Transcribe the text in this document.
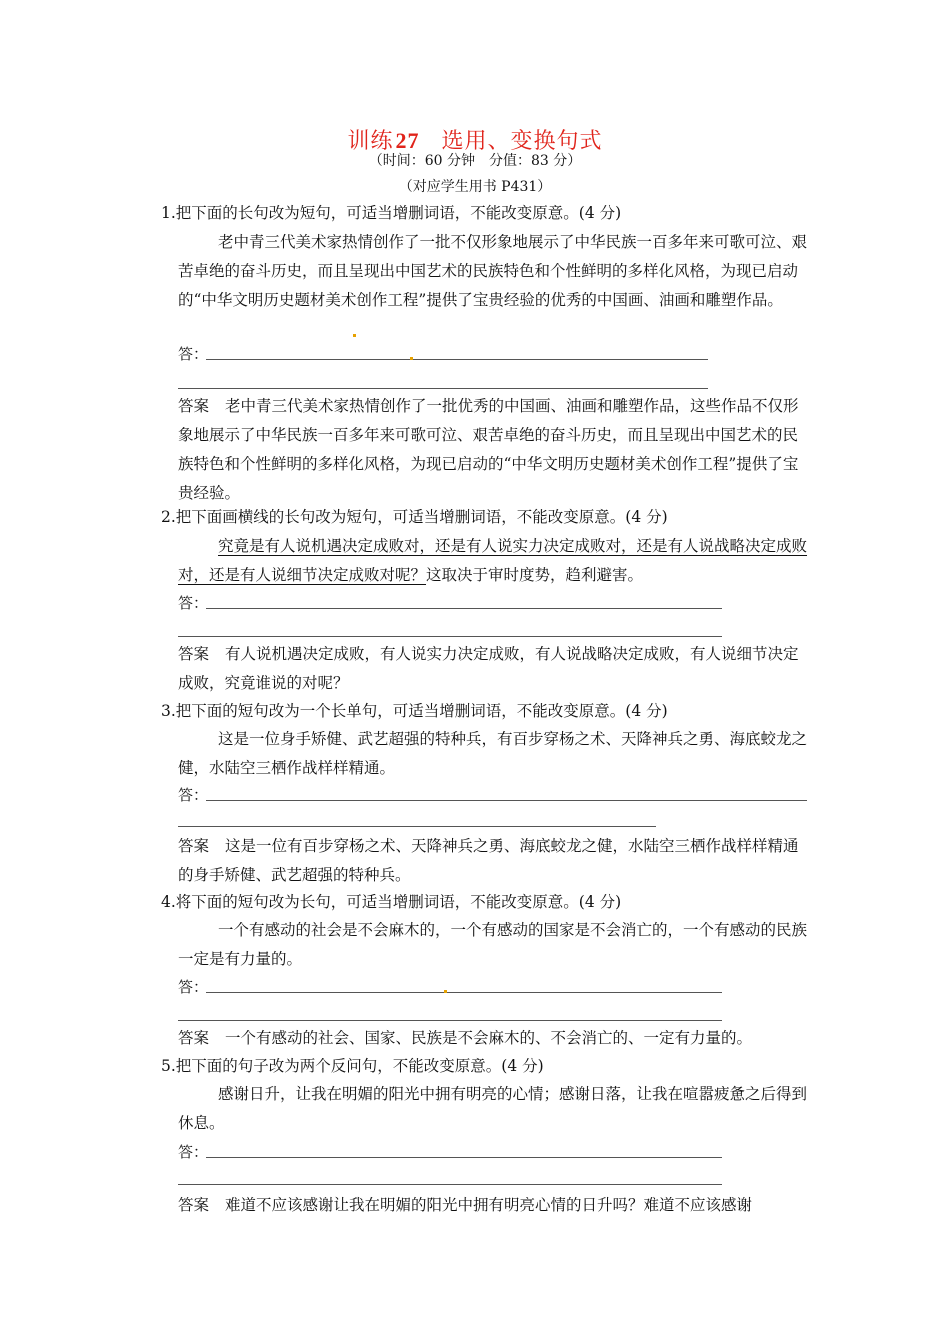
训练27 选用、变换句式
（时间：60 分钟　分值：83 分）
（对应学生用书 P431）
1.把下面的长句改为短句，可适当增删词语，不能改变原意。(4 分)
老中青三代美术家热情创作了一批不仅形象地展示了中华民族一百多年来可歌可泣、艰苦卓绝的奋斗历史，而且呈现出中国艺术的民族特色和个性鲜明的多样化风格，为现已启动的“中华文明历史题材美术创作工程”提供了宝贵经验的优秀的中国画、油画和雕塑作品。
答：
答案 老中青三代美术家热情创作了一批优秀的中国画、油画和雕塑作品，这些作品不仅形象地展示了中华民族一百多年来可歌可泣、艰苦卓绝的奋斗历史，而且呈现出中国艺术的民族特色和个性鲜明的多样化风格，为现已启动的“中华文明历史题材美术创作工程”提供了宝贵经验。
2.把下面画横线的长句改为短句，可适当增删词语，不能改变原意。(4 分)
究竟是有人说机遇决定成败对，还是有人说实力决定成败对，还是有人说战略决定成败对，还是有人说细节决定成败对呢？这取决于审时度势，趋利避害。
答：
答案 有人说机遇决定成败，有人说实力决定成败，有人说战略决定成败，有人说细节决定成败，究竟谁说的对呢？
3.把下面的短句改为一个长单句，可适当增删词语，不能改变原意。(4 分)
这是一位身手矫健、武艺超强的特种兵，有百步穿杨之术、天降神兵之勇、海底蛟龙之健，水陆空三栖作战样样精通。
答：
答案 这是一位有百步穿杨之术、天降神兵之勇、海底蛟龙之健，水陆空三栖作战样样精通的身手矫健、武艺超强的特种兵。
4.将下面的短句改为长句，可适当增删词语，不能改变原意。(4 分)
一个有感动的社会是不会麻木的，一个有感动的国家是不会消亡的，一个有感动的民族一定是有力量的。
答：
答案 一个有感动的社会、国家、民族是不会麻木的、不会消亡的、一定有力量的。
5.把下面的句子改为两个反问句，不能改变原意。(4 分)
感谢日升，让我在明媚的阳光中拥有明亮的心情；感谢日落，让我在喧嚣疲惫之后得到休息。
答：
答案 难道不应该感谢让我在明媚的阳光中拥有明亮心情的日升吗？难道不应该感谢
